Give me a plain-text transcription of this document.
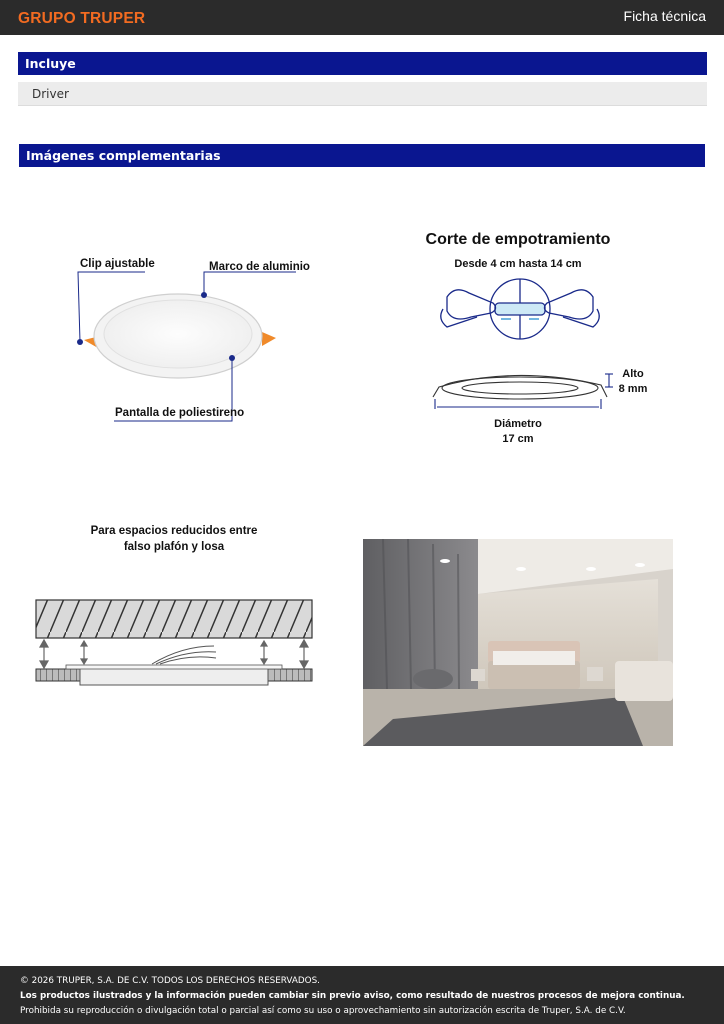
GRUPO TRUPER	Ficha técnica
Incluye
Driver
Imágenes complementarias
Clip ajustable	Marco de aluminio
Pantalla de poliestireno
Corte de empotramiento
Desde 4 cm hasta 14 cm
Alto
8 mm
Diámetro
17 cm
Para espacios reducidos entre
falso plafón y losa
© 2026 TRUPER, S.A. DE C.V. TODOS LOS DERECHOS RESERVADOS.
Los productos ilustrados y la información pueden cambiar sin previo aviso, como resultado de nuestros procesos de mejora continua.
Prohibida su reproducción o divulgación total o parcial así como su uso o aprovechamiento sin autorización escrita de Truper, S.A. de C.V.
